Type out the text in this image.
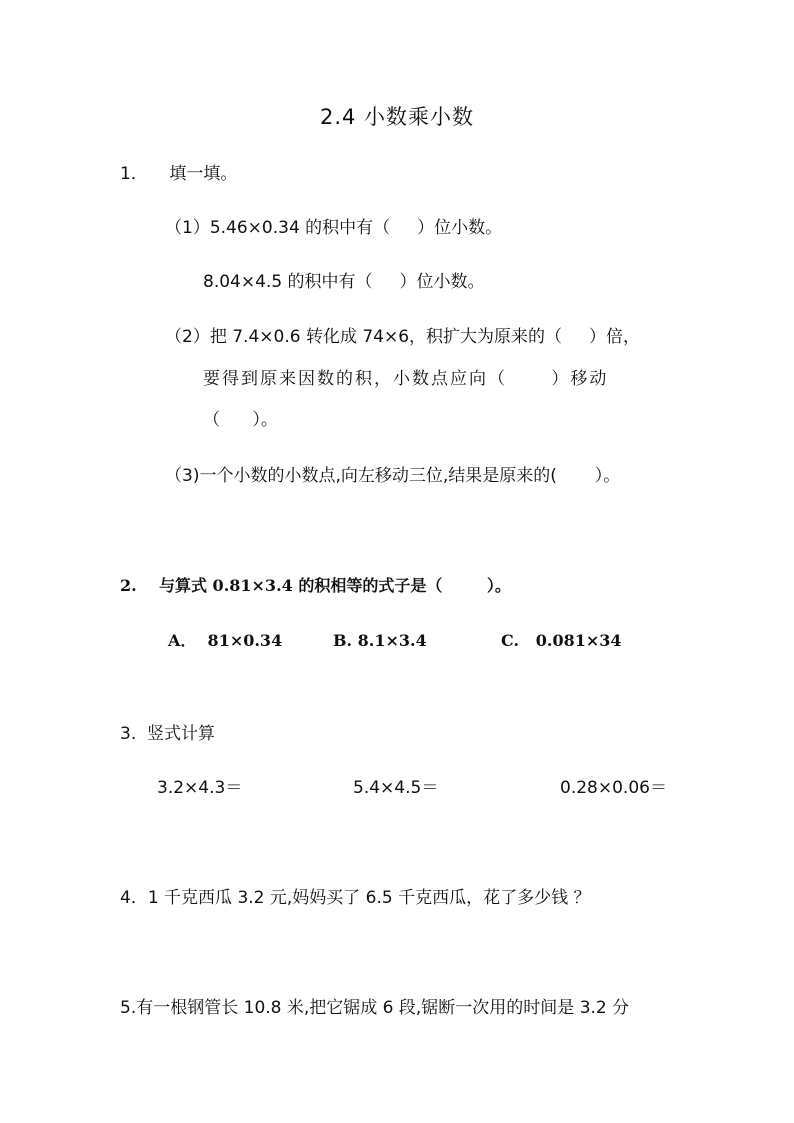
2.4 小数乘小数
1．    填一填。
（1）5.46×0.34 的积中有（     ）位小数。
8.04×4.5 的积中有（     ）位小数。
（2）把 7.4×0.6 转化成 74×6，积扩大为原来的（     ）倍，
要得到原来因数的积，小数点应向（      ）移动
（      ）。
（3)一个小数的小数点,向左移动三位,结果是原来的(       ）。
2.    与算式 0.81×3.4 的积相等的式子是（        ）。
A．  81×0.34	B. 8.1×3.4	C.   0.081×34
3.  竖式计算
3.2×4.3＝	5.4×4.5＝	0.28×0.06＝
4．1 千克西瓜 3.2 元,妈妈买了 6.5 千克西瓜，花了多少钱 ？
5.有一根钢管长 10.8 米,把它锯成 6 段,锯断一次用的时间是 3.2 分
